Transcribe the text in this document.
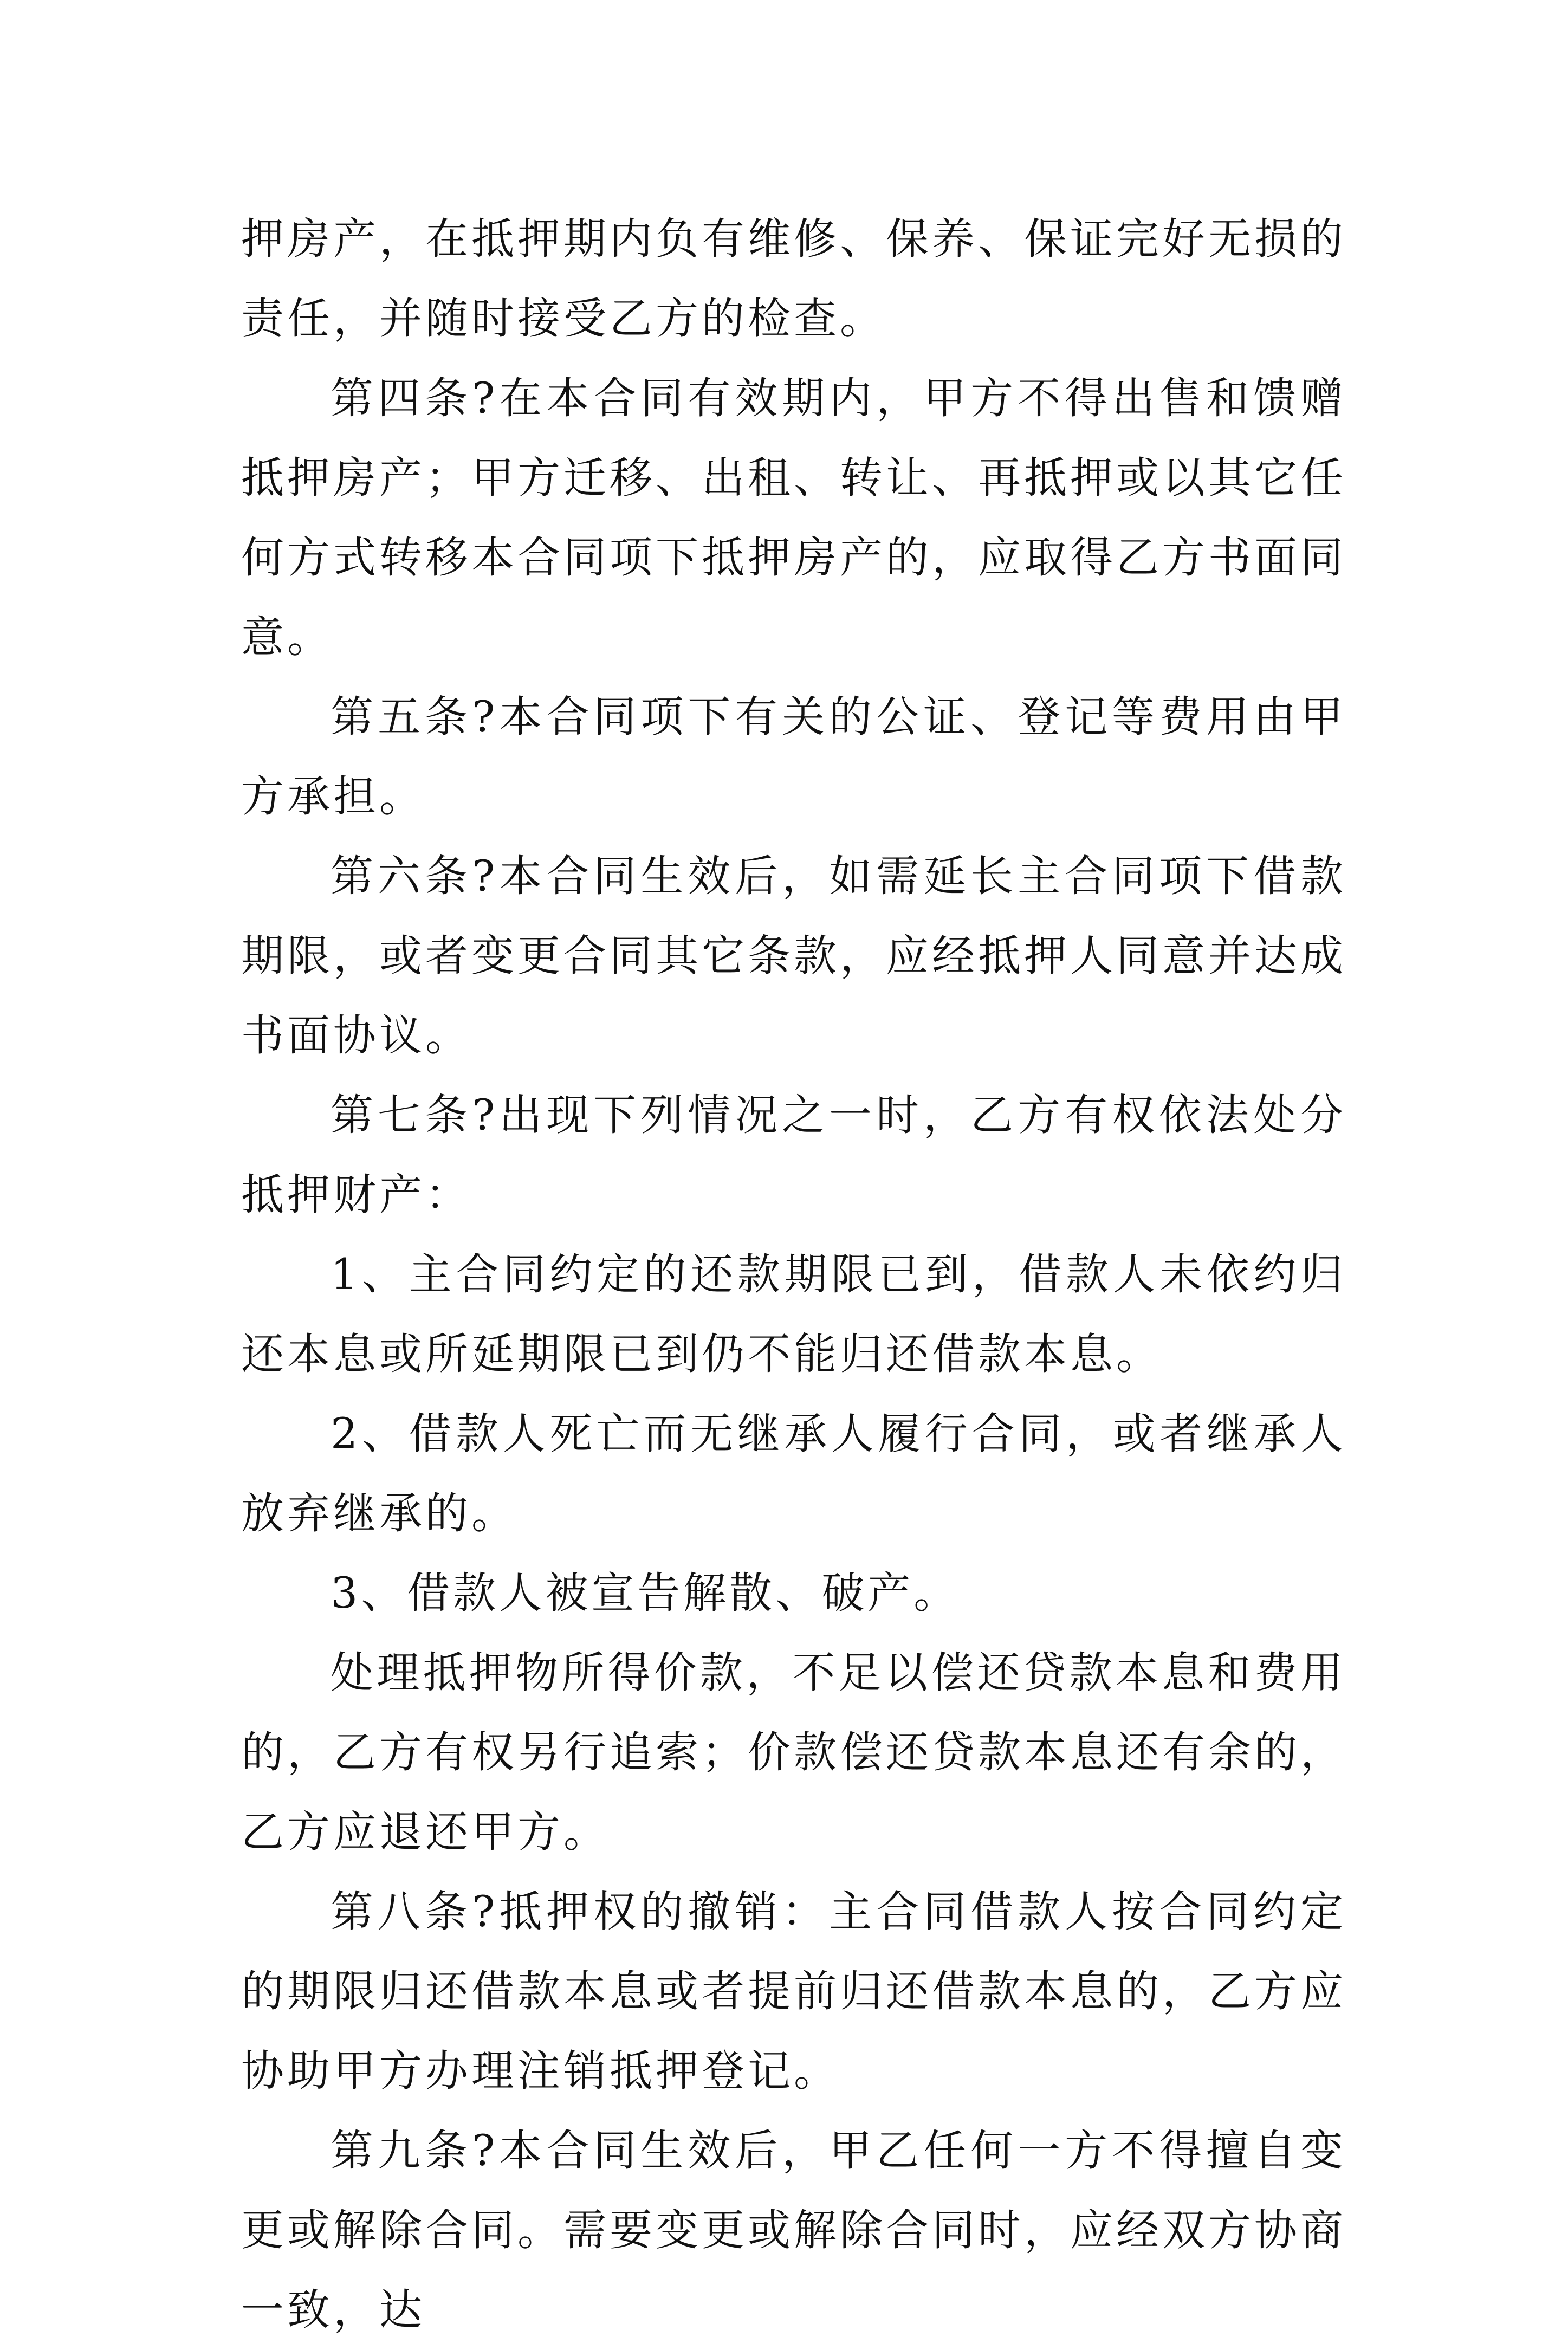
押房产，在抵押期内负有维修、保养、保证完好无损的责任，并随时接受乙方的检查。

第四条?在本合同有效期内，甲方不得出售和馈赠抵押房产；甲方迁移、出租、转让、再抵押或以其它任何方式转移本合同项下抵押房产的，应取得乙方书面同意。

第五条?本合同项下有关的公证、登记等费用由甲方承担。

第六条?本合同生效后，如需延长主合同项下借款期限，或者变更合同其它条款，应经抵押人同意并达成书面协议。

第七条?出现下列情况之一时，乙方有权依法处分抵押财产：

1、主合同约定的还款期限已到，借款人未依约归还本息或所延期限已到仍不能归还借款本息。

2、借款人死亡而无继承人履行合同，或者继承人放弃继承的。

3、借款人被宣告解散、破产。

处理抵押物所得价款，不足以偿还贷款本息和费用的，乙方有权另行追索；价款偿还贷款本息还有余的，乙方应退还甲方。

第八条?抵押权的撤销：主合同借款人按合同约定的期限归还借款本息或者提前归还借款本息的，乙方应协助甲方办理注销抵押登记。

第九条?本合同生效后，甲乙任何一方不得擅自变更或解除合同。需要变更或解除合同时，应经双方协商一致，达
